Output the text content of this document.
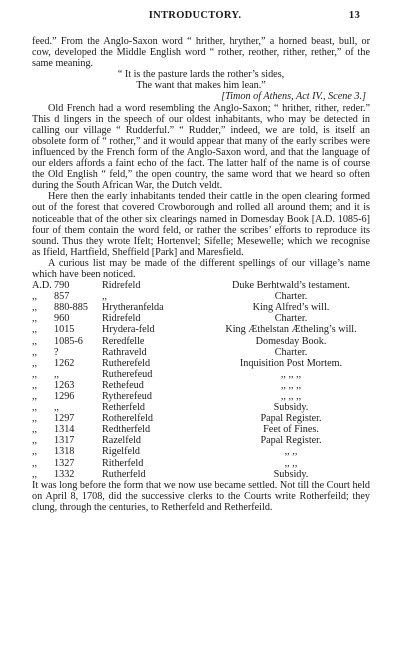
INTRODUCTORY.	13

feed.” From the Anglo-Saxon word “ hrither, hryther,” a horned beast, bull, or cow, developed the Middle English word “ rother, reother, rither, rether,” of the same meaning.

“ It is the pasture lards the rother’s sides,

The want that makes him lean.”

[Timon of Athens, Act IV., Scene 3.]

Old French had a word resembling the Anglo-Saxon; “ hrither, rither, reder.” This d lingers in the speech of our oldest inhabitants, who may be detected in calling our village “ Rudderful.” “ Rudder,” indeed, we are told, is itself an obsolete form of “ rother,” and it would appear that many of the early scribes were influenced by the French form of the Anglo-Saxon word, and that the language of our elders affords a faint echo of the fact. The latter half of the name is of course the Old English “ feld,” the open country, the same word that we heard so often during the South African War, the Dutch veldt.

Here then the early inhabitants tended their cattle in the open clearing formed out of the forest that covered Crowborough and rolled all around them; and it is noticeable that of the other six clearings named in Domesday Book [A.D. 1085-6] four of them contain the word feld, or rather the scribes’ efforts to reproduce its sound. Thus they wrote Ifelt; Hortenvel; Sifelle; Mesewelle; which we recognise as Ifield, Hartfield, Sheffield [Park] and Maresfield.

A curious list may be made of the different spellings of our village’s name which have been noticed.

A.D. 790	Ridrefeld	Duke Berhtwald’s testament.
,,	857	,,	Charter.
,,	880-885	Hrytheranfelda	King Alfred’s will.
,,	960	Ridrefeld	Charter.
,,	1015	Hrydera-feld	King Æthelstan Ætheling’s will.
,,	1085-6	Reredfelle	Domesday Book.
,,	?	Rathraveld	Charter.
,,	1262	Rutherefeld	Inquisition Post Mortem.
,,	,,	Rutherefeud	,, ,, ,,
,,	1263	Rethefeud	,, ,, ,,
,,	1296	Rytherefeud	,, ,, ,,
,,	,,	Retherfeld	Subsidy.
,,	1297	Rotherelfeld	Papal Register.
,,	1314	Redtherfeld	Feet of Fines.
,,	1317	Razelfeld	Papal Register.
,,	1318	Rigelfeld	,, ,,
,,	1327	Ritherfeld	,, ,,
,,	1332	Rutherfeld	Subsidy.

It was long before the form that we now use became settled. Not till the Court held on April 8, 1708, did the successive clerks to the Courts write Rotherfeild; they clung, through the centuries, to Retherfeld and Retherfeild.
